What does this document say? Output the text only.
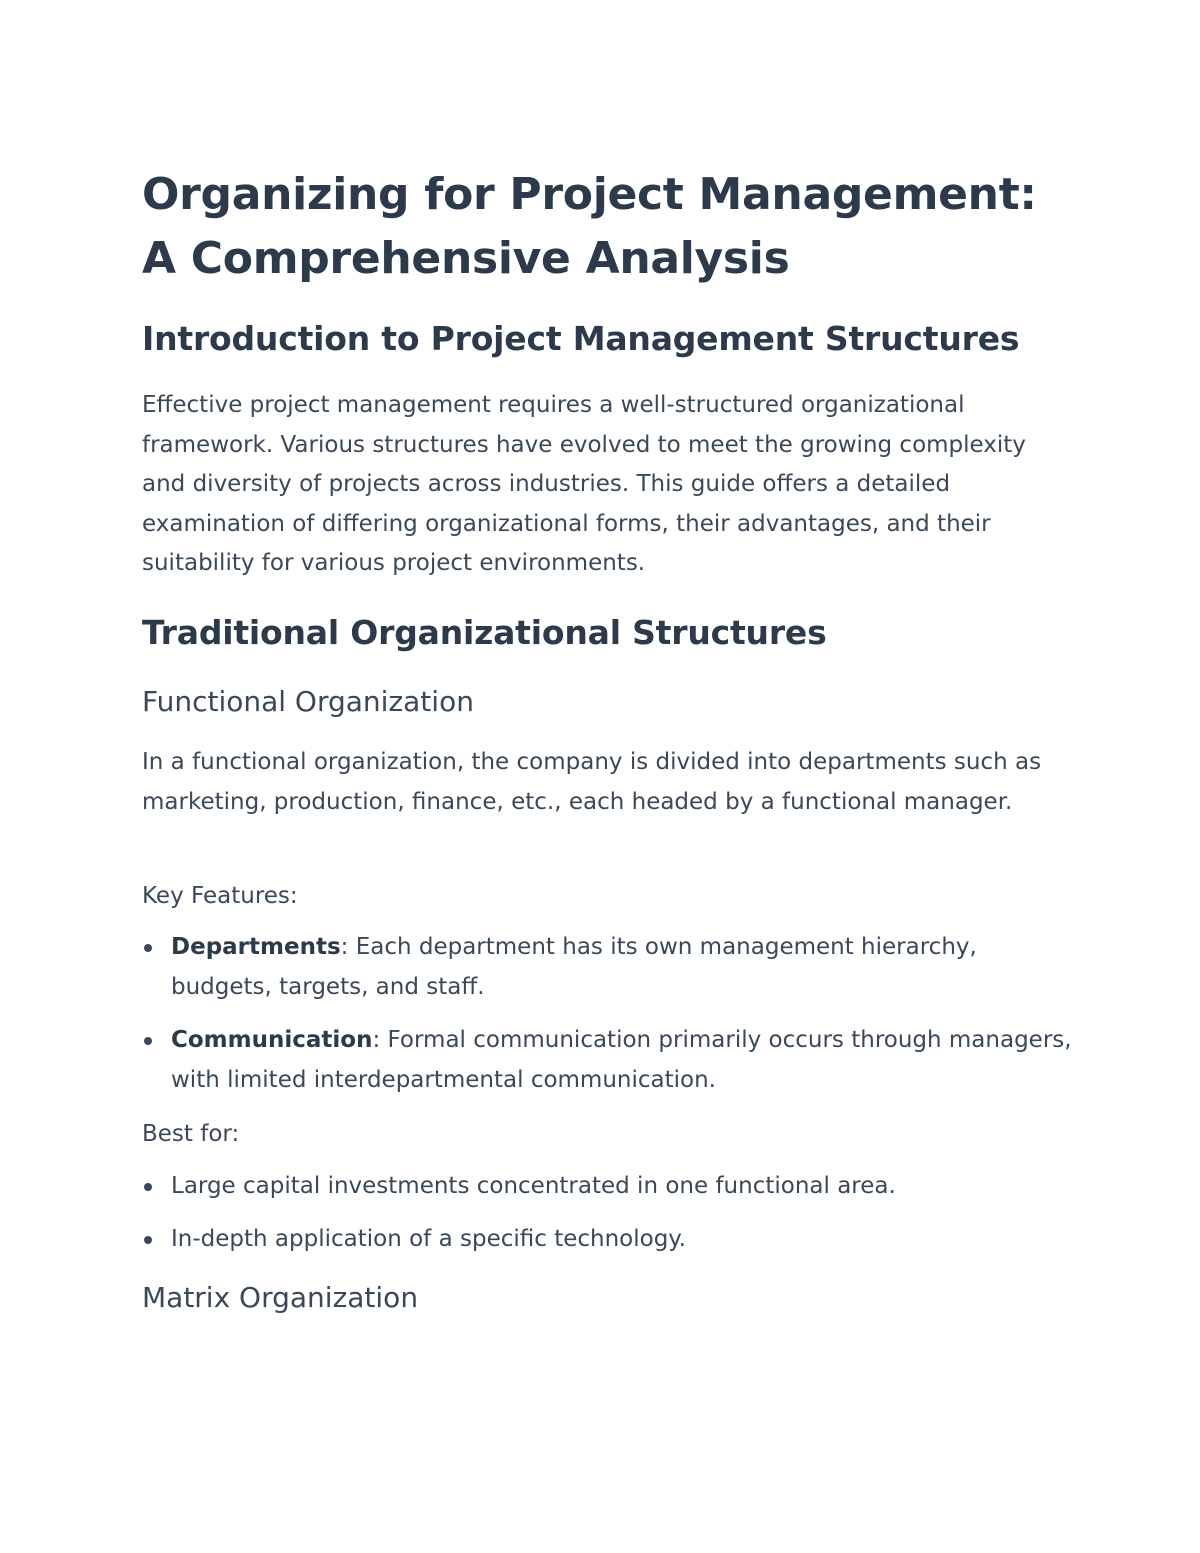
Organizing for Project Management: A Comprehensive Analysis
Introduction to Project Management Structures

Effective project management requires a well-structured organizational framework. Various structures have evolved to meet the growing complexity and diversity of projects across industries. This guide offers a detailed examination of differing organizational forms, their advantages, and their suitability for various project environments.

Traditional Organizational Structures
Functional Organization

In a functional organization, the company is divided into departments such as marketing, production, finance, etc., each headed by a functional manager.

Key Features:
Departments: Each department has its own management hierarchy, budgets, targets, and staff.
Communication: Formal communication primarily occurs through managers, with limited interdepartmental communication.
Best for:
Large capital investments concentrated in one functional area.
In-depth application of a specific technology.
Matrix Organization
